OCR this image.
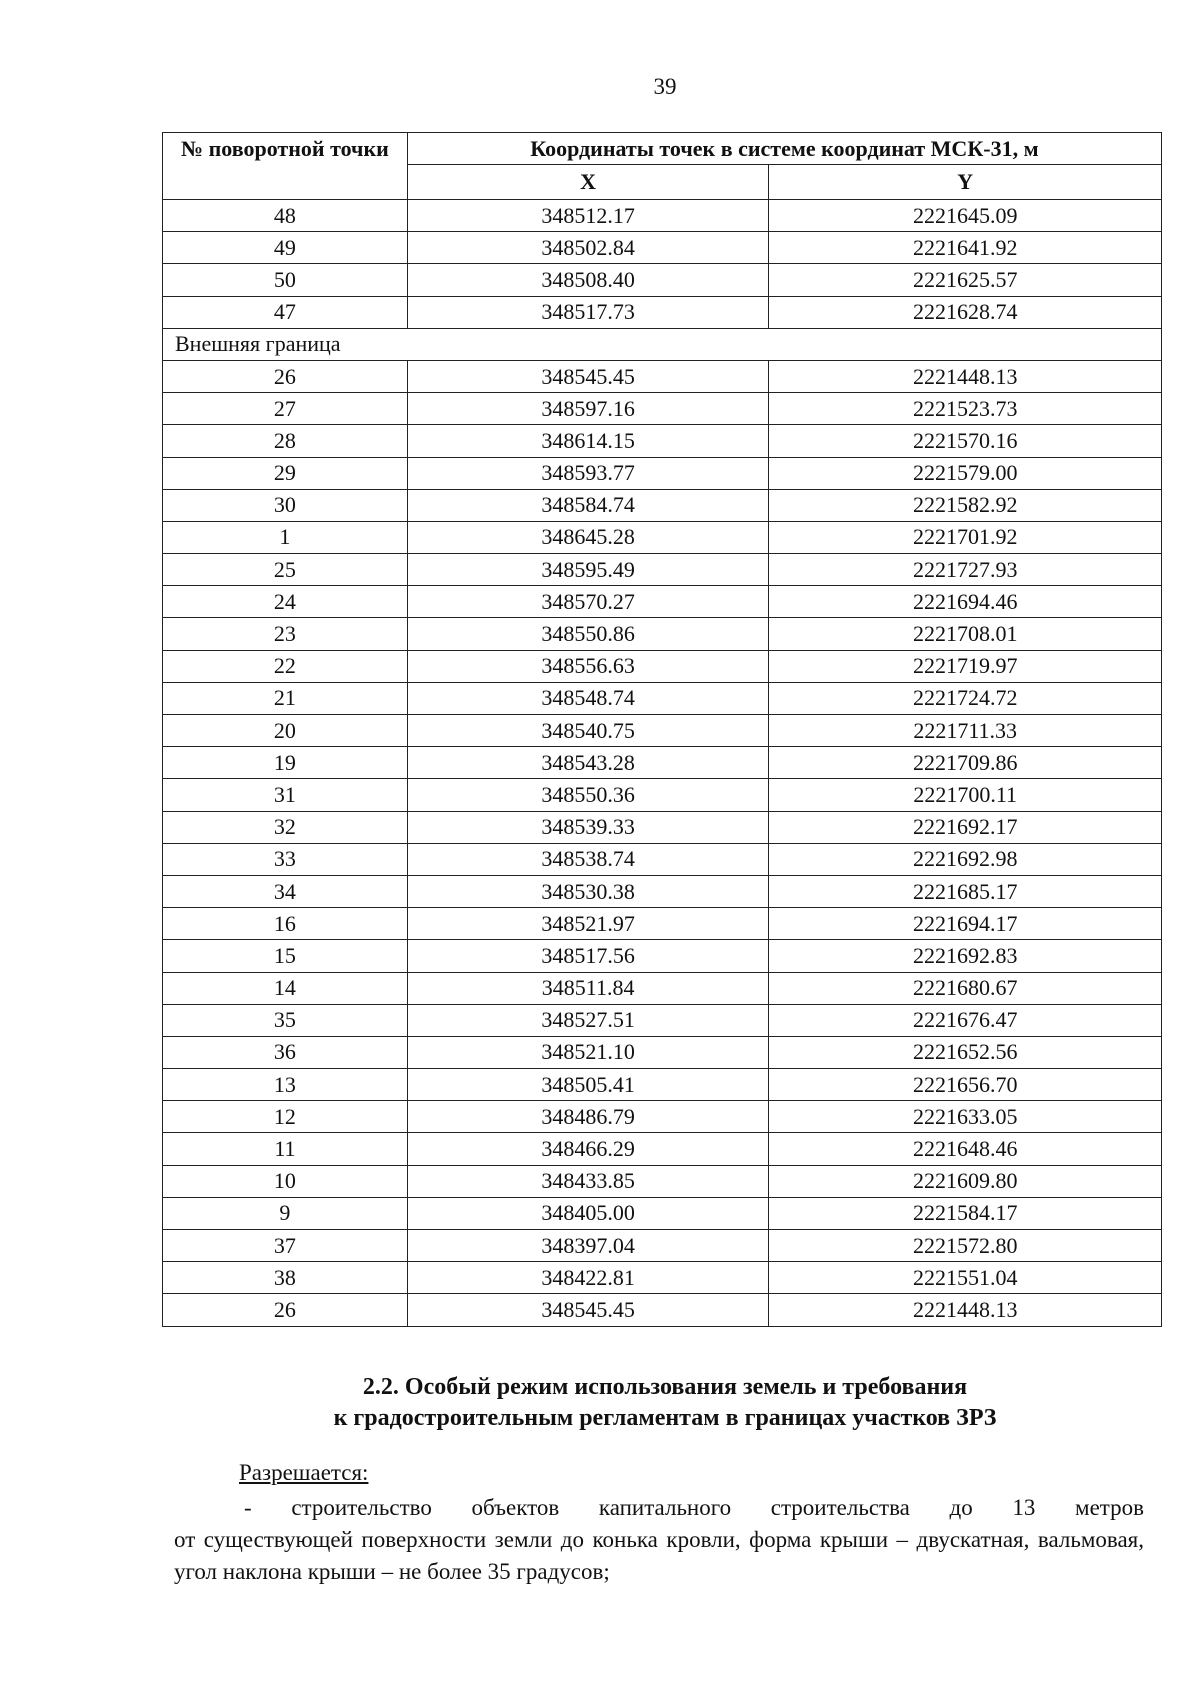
39
№ поворотной точки	Координаты точек в системе координат МСК-31, м	
	X	Y
48	348512.17	2221645.09
49	348502.84	2221641.92
50	348508.40	2221625.57
47	348517.73	2221628.74
Внешняя граница		
26	348545.45	2221448.13
27	348597.16	2221523.73
28	348614.15	2221570.16
29	348593.77	2221579.00
30	348584.74	2221582.92
1	348645.28	2221701.92
25	348595.49	2221727.93
24	348570.27	2221694.46
23	348550.86	2221708.01
22	348556.63	2221719.97
21	348548.74	2221724.72
20	348540.75	2221711.33
19	348543.28	2221709.86
31	348550.36	2221700.11
32	348539.33	2221692.17
33	348538.74	2221692.98
34	348530.38	2221685.17
16	348521.97	2221694.17
15	348517.56	2221692.83
14	348511.84	2221680.67
35	348527.51	2221676.47
36	348521.10	2221652.56
13	348505.41	2221656.70
12	348486.79	2221633.05
11	348466.29	2221648.46
10	348433.85	2221609.80
9	348405.00	2221584.17
37	348397.04	2221572.80
38	348422.81	2221551.04
26	348545.45	2221448.13
2.2. Особый режим использования земель и требования
к градостроительным регламентам в границах участков ЗРЗ
Разрешается:
- строительство объектов капитального строительства до 13 метров
от существующей поверхности земли до конька кровли, форма крыши – двускатная, вальмовая, угол наклона крыши – не более 35 градусов;
